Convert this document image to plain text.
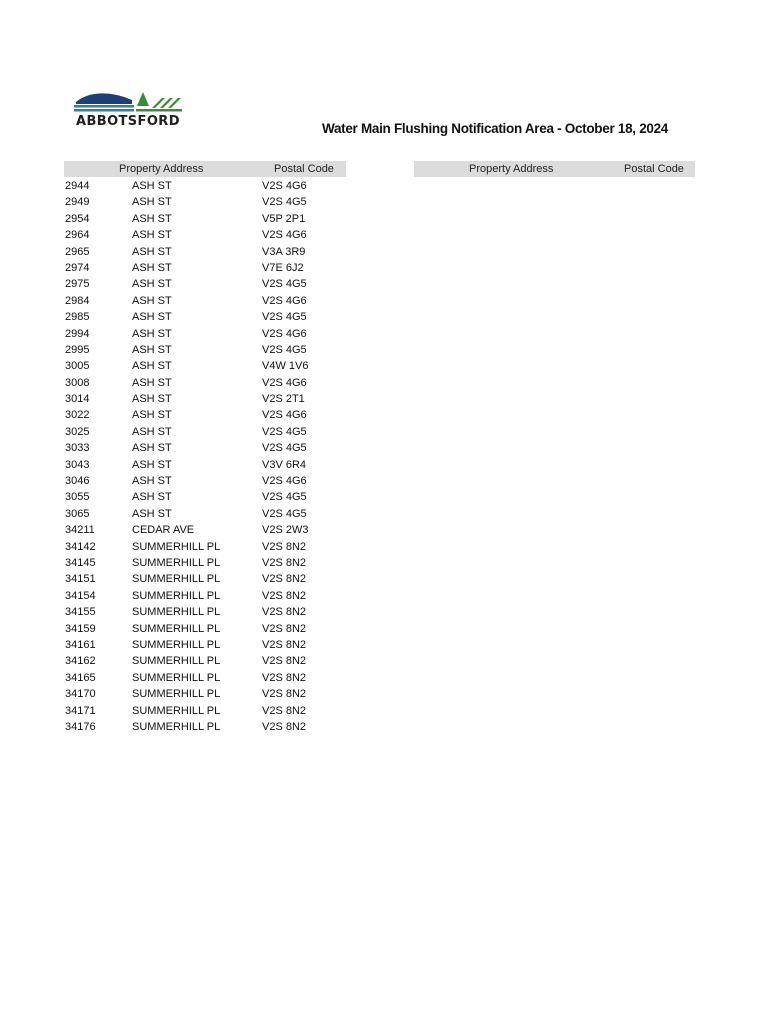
ABBOTSFORD	Water Main Flushing Notification Area - October 18, 2024
Property Address	Postal Code	Property Address	Postal Code
2944	ASH ST	V2S 4G6
2949	ASH ST	V2S 4G5
2954	ASH ST	V5P 2P1
2964	ASH ST	V2S 4G6
2965	ASH ST	V3A 3R9
2974	ASH ST	V7E 6J2
2975	ASH ST	V2S 4G5
2984	ASH ST	V2S 4G6
2985	ASH ST	V2S 4G5
2994	ASH ST	V2S 4G6
2995	ASH ST	V2S 4G5
3005	ASH ST	V4W 1V6
3008	ASH ST	V2S 4G6
3014	ASH ST	V2S 2T1
3022	ASH ST	V2S 4G6
3025	ASH ST	V2S 4G5
3033	ASH ST	V2S 4G5
3043	ASH ST	V3V 6R4
3046	ASH ST	V2S 4G6
3055	ASH ST	V2S 4G5
3065	ASH ST	V2S 4G5
34211	CEDAR AVE	V2S 2W3
34142	SUMMERHILL PL	V2S 8N2
34145	SUMMERHILL PL	V2S 8N2
34151	SUMMERHILL PL	V2S 8N2
34154	SUMMERHILL PL	V2S 8N2
34155	SUMMERHILL PL	V2S 8N2
34159	SUMMERHILL PL	V2S 8N2
34161	SUMMERHILL PL	V2S 8N2
34162	SUMMERHILL PL	V2S 8N2
34165	SUMMERHILL PL	V2S 8N2
34170	SUMMERHILL PL	V2S 8N2
34171	SUMMERHILL PL	V2S 8N2
34176	SUMMERHILL PL	V2S 8N2
